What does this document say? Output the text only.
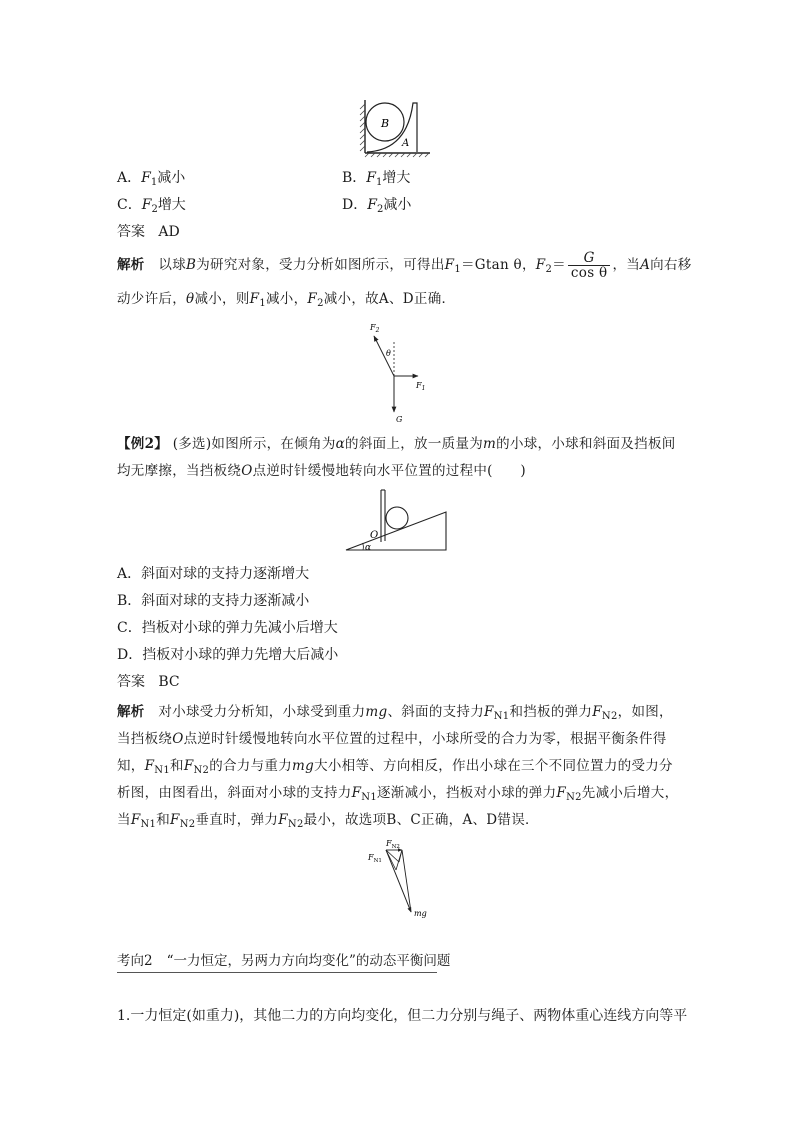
B
A
A．$F_1$减小	B．$F_1$增大
C．$F_2$增大	D．$F_2$减小
答案 AD
解析 以球B为研究对象，受力分析如图所示，可得出$F_1=Gtan$ θ，$F_2= \frac{G}{\text{cos θ}}$ ，当A向右移
动少许后，θ减小，则$F_1$减小，$F_2$减小，故A、D正确．
$F_2$
θ
$F_1$
G
【例2】 (多选)如图所示，在倾角为α的斜面上，放一质量为m的小球，小球和斜面及挡板间
均无摩擦，当挡板绕O点逆时针缓慢地转向水平位置的过程中(　　)
O
α
A．斜面对球的支持力逐渐增大
B．斜面对球的支持力逐渐减小
C．挡板对小球的弹力先减小后增大
D．挡板对小球的弹力先增大后减小
答案 BC
解析 对小球受力分析知，小球受到重力mg、斜面的支持力$F_{N1}$和挡板的弹力$F_{N2}$，如图，
当挡板绕O点逆时针缓慢地转向水平位置的过程中，小球所受的合力为零，根据平衡条件得
知，$F_{N1}$和$F_{N2}$的合力与重力mg大小相等、方向相反，作出小球在三个不同位置力的受力分
析图，由图看出，斜面对小球的支持力$F_{N1}$逐渐减小，挡板对小球的弹力$F_{N2}$先减小后增大，
当$F_{N1}$和$F_{N2}$垂直时，弹力$F_{N2}$最小，故选项B、C正确，A、D错误．
$F_{N2}$
$F_{N1}$
mg
考向2 “一力恒定，另两力方向均变化”的动态平衡问题
1.一力恒定(如重力)，其他二力的方向均变化，但二力分别与绳子、两物体重心连线方向等平
